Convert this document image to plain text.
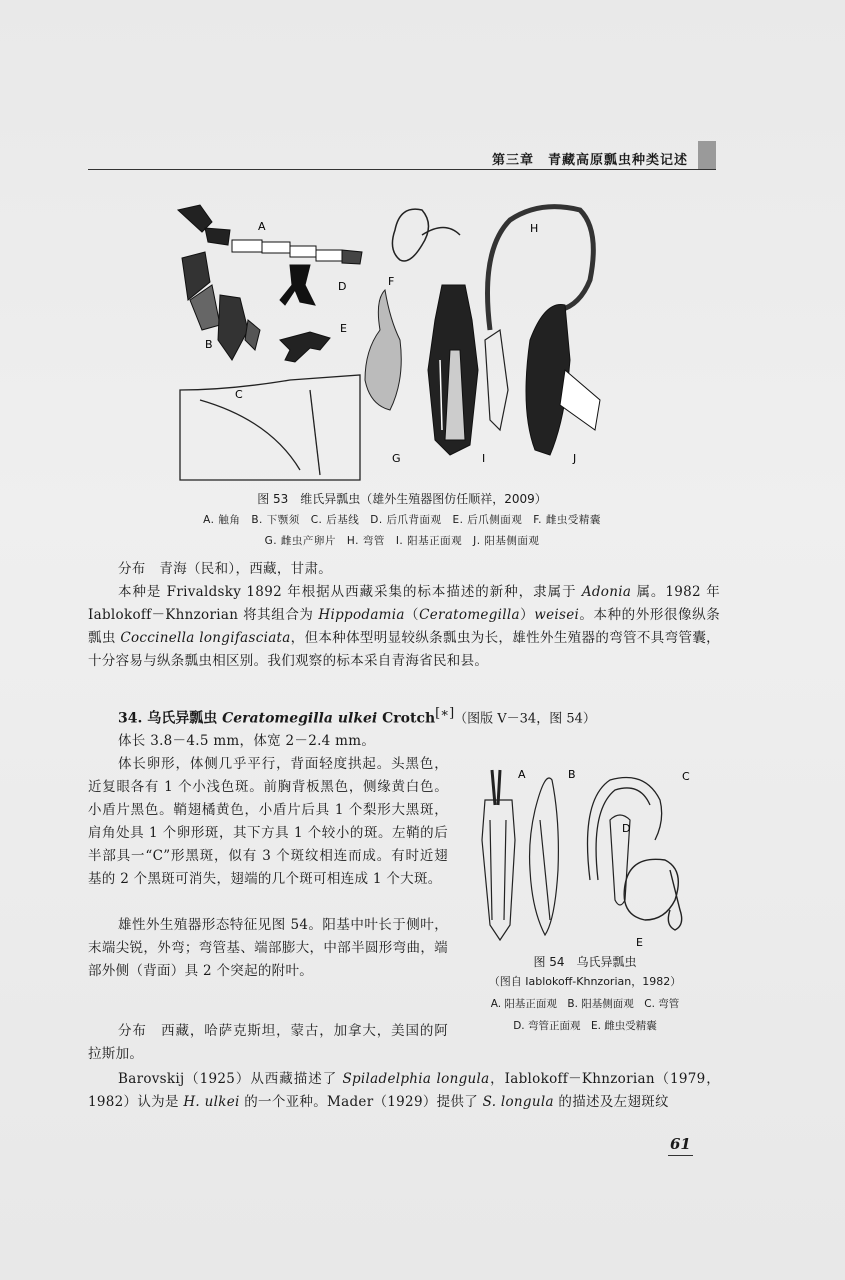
第三章　青藏高原瓢虫种类记述
A
B
C
D
E
F
G
H
I	J
图 53　维氏异瓢虫（雄外生殖器图仿任顺祥，2009）
A. 触角　B. 下颚须　C. 后基线　D. 后爪背面观　E. 后爪侧面观　F. 雌虫受精囊
G. 雌虫产卵片　H. 弯管　I. 阳基正面观　J. 阳基侧面观
分布　青海（民和），西藏，甘肃。
本种是 Frivaldsky 1892 年根据从西藏采集的标本描述的新种，隶属于 Adonia 属。1982 年 Iablokoff－Khnzorian 将其组合为 Hippodamia（Ceratomegilla）weisei。本种的外形很像纵条瓢虫 Coccinella longifasciata，但本种体型明显较纵条瓢虫为长，雄性外生殖器的弯管不具弯管囊，十分容易与纵条瓢虫相区别。我们观察的标本采自青海省民和县。
34. 乌氏异瓢虫 Ceratomegilla ulkei Crotch[∗]（图版 V－34，图 54）
体长 3.8－4.5 mm，体宽 2－2.4 mm。
体长卵形，体侧几乎平行，背面轻度拱起。头黑色，近复眼各有 1 个小浅色斑。前胸背板黑色，侧缘黄白色。小盾片黑色。鞘翅橘黄色，小盾片后具 1 个梨形大黑斑，肩角处具 1 个卵形斑，其下方具 1 个较小的斑。左鞘的后半部具一“C”形黑斑，似有 3 个斑纹相连而成。有时近翅基的 2 个黑斑可消失，翅端的几个斑可相连成 1 个大斑。
雄性外生殖器形态特征见图 54。阳基中叶长于侧叶，末端尖锐，外弯；弯管基、端部膨大，中部半圆形弯曲，端部外侧（背面）具 2 个突起的附叶。
分布　西藏，哈萨克斯坦，蒙古，加拿大，美国的阿拉斯加。
A	B	C
D
E
图 54　乌氏异瓢虫
（图自 Iablokoff-Khnzorian，1982）
A. 阳基正面观　B. 阳基侧面观　C. 弯管
D. 弯管正面观　E. 雌虫受精囊
Barovskij（1925）从西藏描述了 Spiladelphia longula，Iablokoff－Khnzorian（1979，1982）认为是 H. ulkei 的一个亚种。Mader（1929）提供了 S. longula 的描述及左翅斑纹
61
